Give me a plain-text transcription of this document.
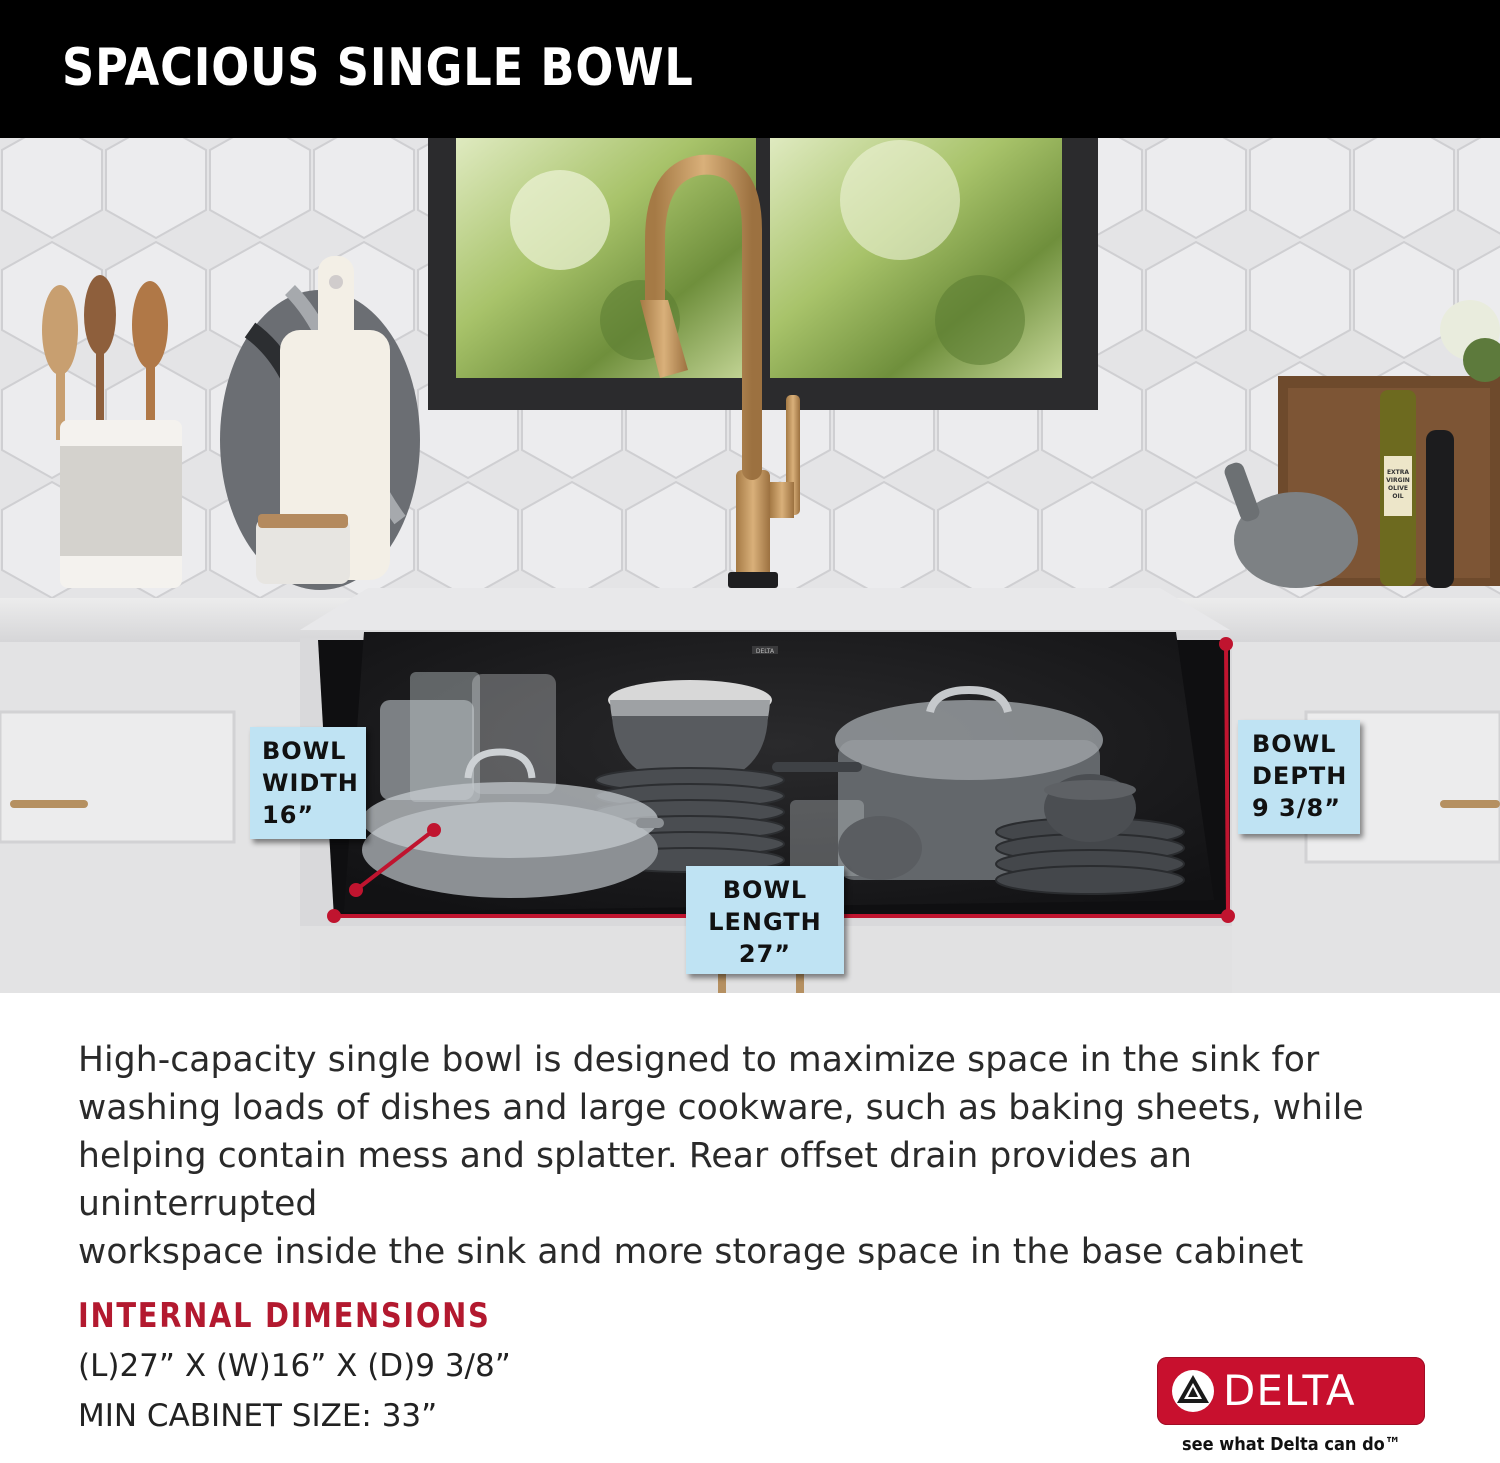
SPACIOUS SINGLE BOWL
EXTRA
VIRGIN
OLIVE
OIL
DELTA
BOWL
WIDTH
16”
BOWL
DEPTH
9 3/8”
BOWL
LENGTH
27”
High-capacity single bowl is designed to maximize space in the sink for
washing loads of dishes and large cookware, such as baking sheets, while
helping contain mess and splatter. Rear offset drain provides an uninterrupted
workspace inside the sink and more storage space in the base cabinet
INTERNAL DIMENSIONS
(L)27” X (W)16” X (D)9 3/8”
MIN CABINET SIZE: 33”
DELTA
see what Delta can do™
